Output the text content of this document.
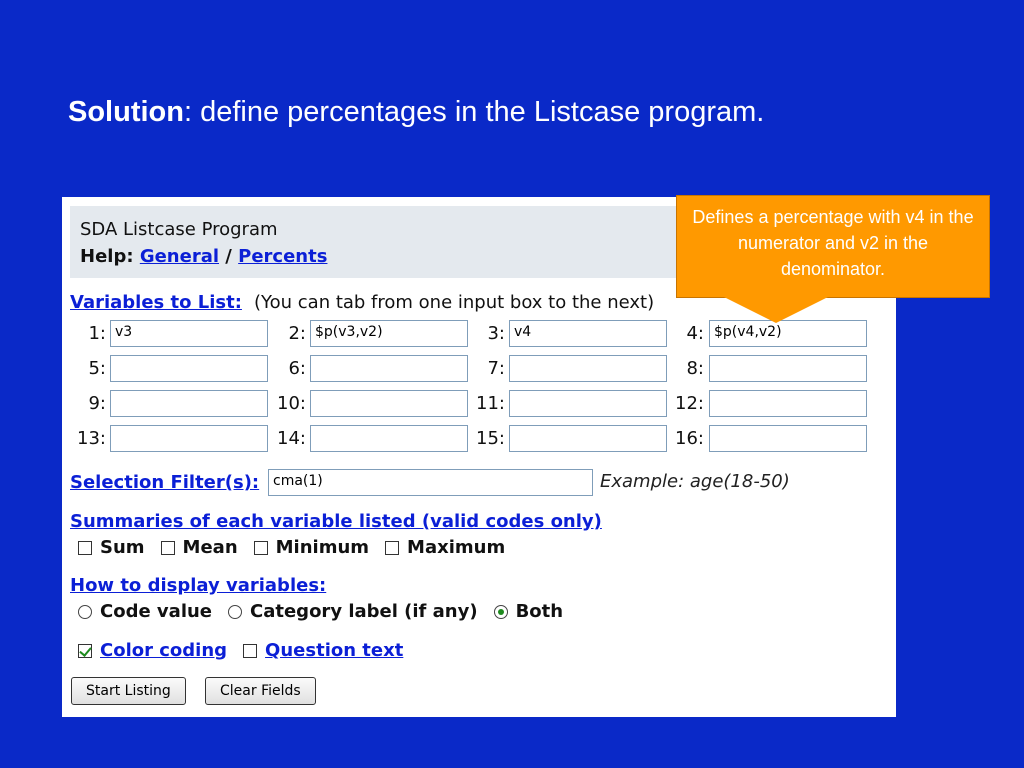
Solution: define percentages in the Listcase program.
SDA Listcase Program
Help: General / Percents
Variables to List: (You can tab from one input box to the next)
1: v3	2: $p(v3,v2)	3: v4	4: $p(v4,v2)
5:	6:	7:	8:
9:	10:	11:	12:
13:	14:	15:	16:
Selection Filter(s): cma(1)	Example: age(18-50)
Summaries of each variable listed (valid codes only)
Sum Mean Minimum Maximum
How to display variables:
Code value Category label (if any) Both
Color coding Question text
Start Listing	Clear Fields
Defines a percentage with v4 in the numerator and v2 in the denominator.
